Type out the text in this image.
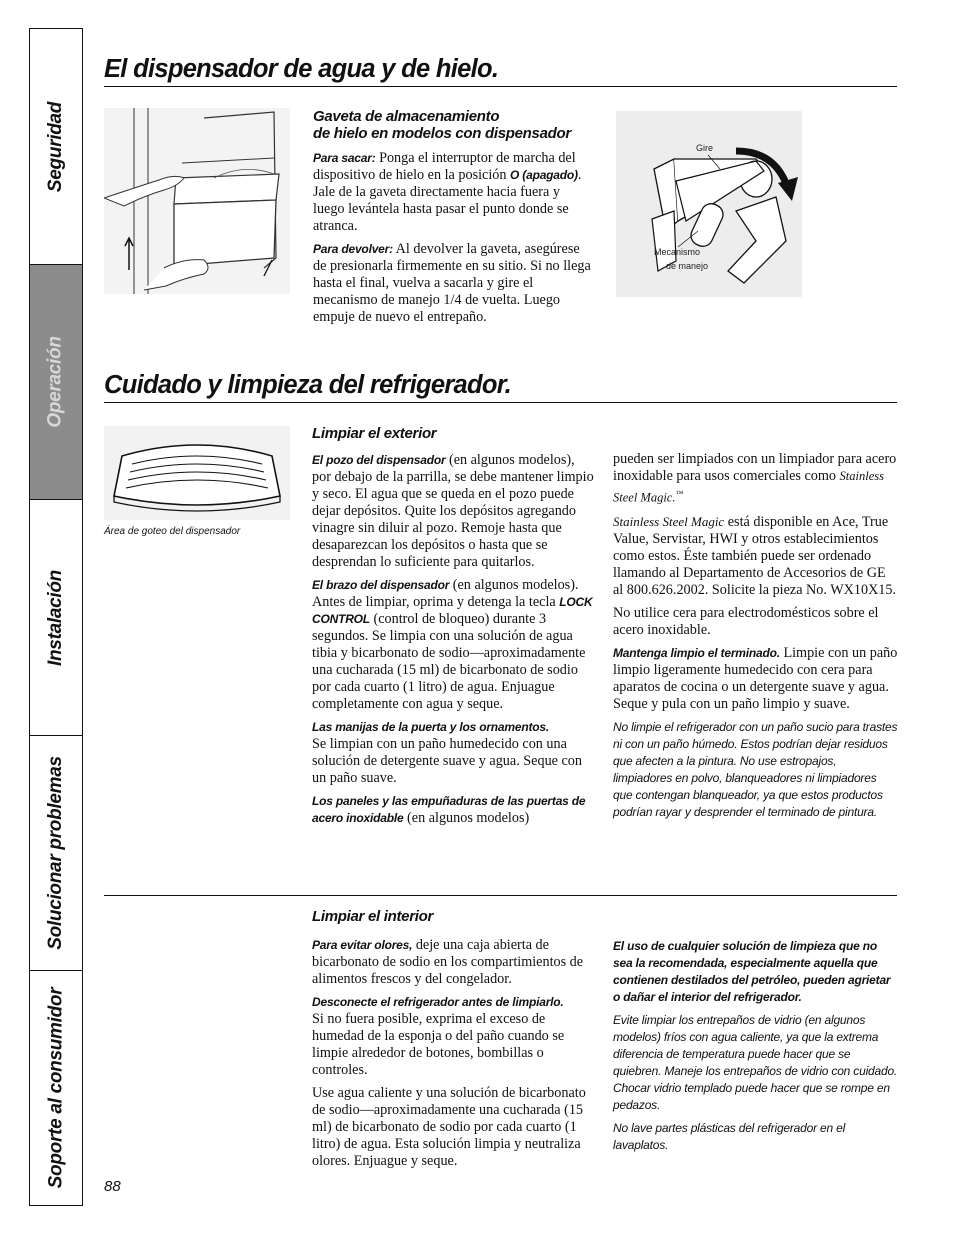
Seguridad
Operación
Instalación
Solucionar problemas
Soporte al consumidor
El dispensador de agua y de hielo.

Gaveta de almacenamiento

de hielo en modelos con dispensador

Para sacar: Ponga el interruptor de marcha del dispositivo de hielo en la posición O (apagado). Jale de la gaveta directamente hacia fuera y luego levántela hasta pasar el punto donde se atranca.

Para devolver: Al devolver la gaveta, asegúrese de presionarla firmemente en su sitio. Si no llega hasta el final, vuelva a sacarla y gire el mecanismo de manejo 1/4 de vuelta. Luego empuje de nuevo el entrepaño.

Gire
Mecanismo
de manejo
Cuidado y limpieza del refrigerador.
Área de goteo del dispensador

Limpiar el exterior

El pozo del dispensador (en algunos modelos), por debajo de la parrilla, se debe mantener limpio y seco. El agua que se queda en el pozo puede dejar depósitos. Quite los depósitos agregando vinagre sin diluir al pozo. Remoje hasta que desaparezcan los depósitos o hasta que se desprendan lo suficiente para quitarlos.

El brazo del dispensador (en algunos modelos). Antes de limpiar, oprima y detenga la tecla LOCK CONTROL (control de bloqueo) durante 3 segundos. Se limpia con una solución de agua tibia y bicarbonato de sodio—aproximadamente una cucharada (15 ml) de bicarbonato de sodio por cada cuarto (1 litro) de agua. Enjuague completamente con agua y seque.

Las manijas de la puerta y los ornamentos.
Se limpian con un paño humedecido con una solución de detergente suave y agua. Seque con un paño suave.

Los paneles y las empuñaduras de las puertas de acero inoxidable (en algunos modelos)

pueden ser limpiados con un limpiador para acero inoxidable para usos comerciales como Stainless Steel Magic.™

Stainless Steel Magic está disponible en Ace, True Value, Servistar, HWI y otros establecimientos como estos. Éste también puede ser ordenado llamando al Departamento de Accesorios de GE al 800.626.2002. Solicite la pieza No. WX10X15.

No utilice cera para electrodomésticos sobre el acero inoxidable.

Mantenga limpio el terminado. Limpie con un paño limpio ligeramente humedecido con cera para aparatos de cocina o un detergente suave y agua. Seque y pula con un paño limpio y suave.

No limpie el refrigerador con un paño sucio para trastes ni con un paño húmedo. Estos podrían dejar residuos que afecten a la pintura. No use estropajos, limpiadores en polvo, blanqueadores ni limpiadores que contengan blanqueador, ya que estos productos podrían rayar y desprender el terminado de pintura.

Limpiar el interior

Para evitar olores, deje una caja abierta de bicarbonato de sodio en los compartimientos de alimentos frescos y del congelador.

Desconecte el refrigerador antes de limpiarlo.
Si no fuera posible, exprima el exceso de humedad de la esponja o del paño cuando se limpie alrededor de botones, bombillas o controles.

Use agua caliente y una solución de bicarbonato de sodio—aproximadamente una cucharada (15 ml) de bicarbonato de sodio por cada cuarto (1 litro) de agua. Esta solución limpia y neutraliza olores. Enjuague y seque.

El uso de cualquier solución de limpieza que no sea la recomendada, especialmente aquella que contienen destilados del petróleo, pueden agrietar o dañar el interior del refrigerador.

Evite limpiar los entrepaños de vidrio (en algunos modelos) fríos con agua caliente, ya que la extrema diferencia de temperatura puede hacer que se quiebren. Maneje los entrepaños de vidrio con cuidado. Chocar vidrio templado puede hacer que se rompe en pedazos.

No lave partes plásticas del refrigerador en el lavaplatos.

88
